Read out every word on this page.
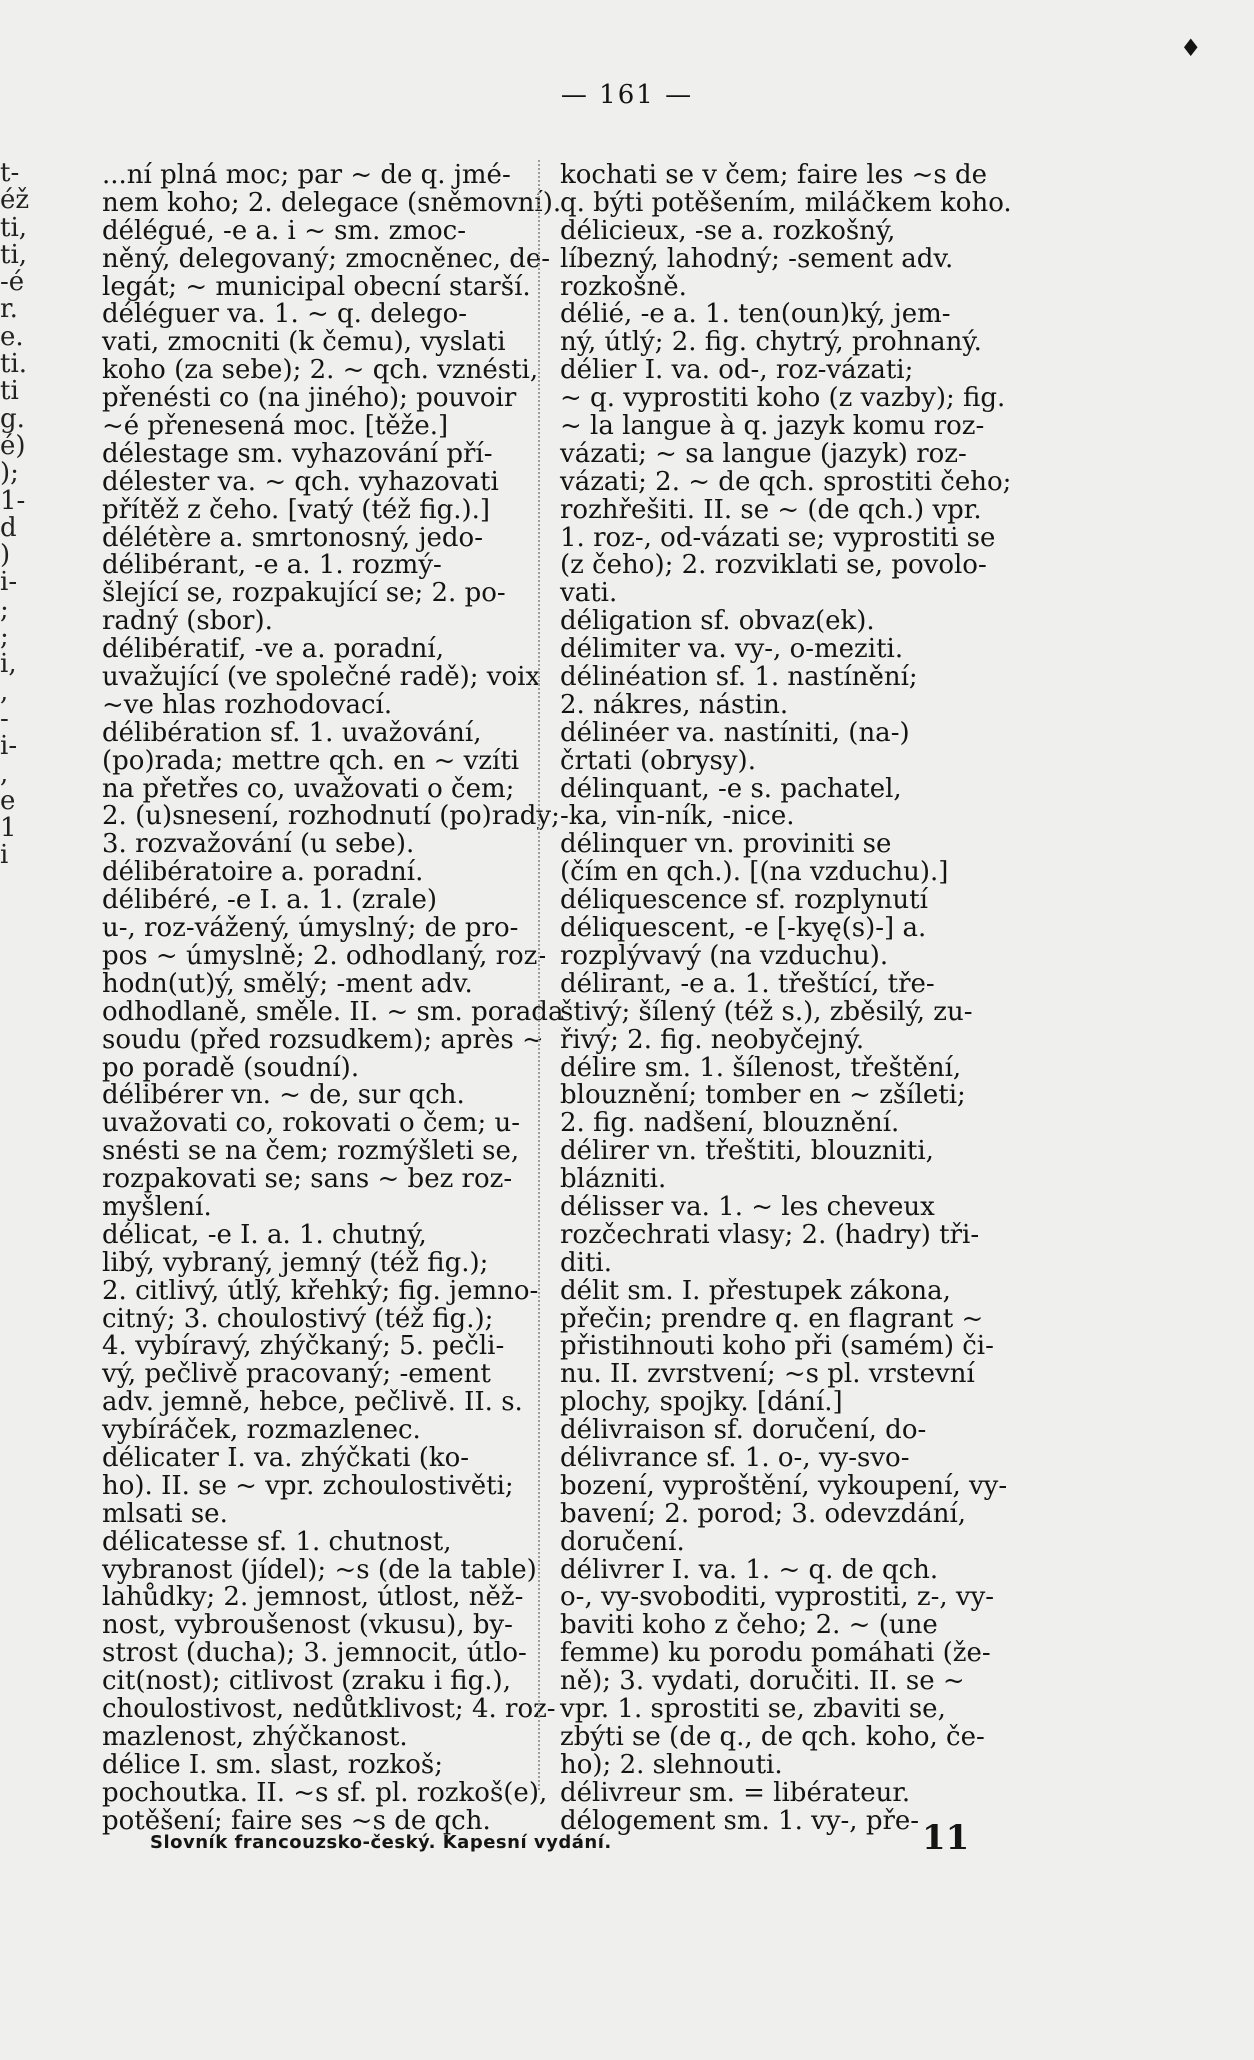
t-
éž
ti,
ti,
-é
r.
e.
ti.
ti
g.
é)
);
1-
d
)
i-
;
;
i,
,
-
i-
,
e
1
i
♦
— 161 —
...ní plná moc; par ~ de q. jmé-
nem koho; 2. delegace (sněmovní).
délégué, -e a. i ~ sm. zmoc-
něný, delegovaný; zmocněnec, de-
legát; ~ municipal obecní starší.
déléguer va. 1. ~ q. delego-
vati, zmocniti (k čemu), vyslati
koho (za sebe); 2. ~ qch. vznésti,
přenésti co (na jiného); pouvoir
~é přenesená moc. [těže.]
délestage sm. vyhazování pří-
délester va. ~ qch. vyhazovati
přítěž z čeho. [vatý (též fig.).]
délétère a. smrtonosný, jedo-
délibérant, -e a. 1. rozmý-
šlející se, rozpakující se; 2. po-
radný (sbor).
délibératif, -ve a. poradní,
uvažující (ve společné radě); voix
~ve hlas rozhodovací.
délibération sf. 1. uvažování,
(po)rada; mettre qch. en ~ vzíti
na přetřes co, uvažovati o čem;
2. (u)snesení, rozhodnutí (po)rady;
3. rozvažování (u sebe).
délibératoire a. poradní.
délibéré, -e I. a. 1. (zrale)
u-, roz-vážený, úmyslný; de pro-
pos ~ úmyslně; 2. odhodlaný, roz-
hodn(ut)ý, smělý; -ment adv.
odhodlaně, směle. II. ~ sm. porada
soudu (před rozsudkem); après ~
po poradě (soudní).
délibérer vn. ~ de, sur qch.
uvažovati co, rokovati o čem; u-
snésti se na čem; rozmýšleti se,
rozpakovati se; sans ~ bez roz-
myšlení.
délicat, -e I. a. 1. chutný,
libý, vybraný, jemný (též fig.);
2. citlivý, útlý, křehký; fig. jemno-
citný; 3. choulostivý (též fig.);
4. vybíravý, zhýčkaný; 5. pečli-
vý, pečlivě pracovaný; -ement
adv. jemně, hebce, pečlivě. II. s.
vybíráček, rozmazlenec.
délicater I. va. zhýčkati (ko-
ho). II. se ~ vpr. zchoulostivěti;
mlsati se.
délicatesse sf. 1. chutnost,
vybranost (jídel); ~s (de la table)
lahůdky; 2. jemnost, útlost, něž-
nost, vybroušenost (vkusu), by-
strost (ducha); 3. jemnocit, útlo-
cit(nost); citlivost (zraku i fig.),
choulostivost, nedůtklivost; 4. roz-
mazlenost, zhýčkanost.
délice I. sm. slast, rozkoš;
pochoutka. II. ~s sf. pl. rozkoš(e),
potěšení; faire ses ~s de qch.
kochati se v čem; faire les ~s de
q. býti potěšením, miláčkem koho.
délicieux, -se a. rozkošný,
líbezný, lahodný; -sement adv.
rozkošně.
délié, -e a. 1. ten(oun)ký, jem-
ný, útlý; 2. fig. chytrý, prohnaný.
délier I. va. od-, roz-vázati;
~ q. vyprostiti koho (z vazby); fig.
~ la langue à q. jazyk komu roz-
vázati; ~ sa langue (jazyk) roz-
vázati; 2. ~ de qch. sprostiti čeho;
rozhřešiti. II. se ~ (de qch.) vpr.
1. roz-, od-vázati se; vyprostiti se
(z čeho); 2. rozviklati se, povolo-
vati.
déligation sf. obvaz(ek).
délimiter va. vy-, o-meziti.
délinéation sf. 1. nastínění;
2. nákres, nástin.
délinéer va. nastíniti, (na-)
črtati (obrysy).
délinquant, -e s. pachatel,
-ka, vin-ník, -nice.
délinquer vn. proviniti se
(čím en qch.). [(na vzduchu).]
déliquescence sf. rozplynutí
déliquescent, -e [-kyę(s)-] a.
rozplývavý (na vzduchu).
délirant, -e a. 1. třeštící, tře-
štivý; šílený (též s.), zběsilý, zu-
řivý; 2. fig. neobyčejný.
délire sm. 1. šílenost, třeštění,
blouznění; tomber en ~ zšíleti;
2. fig. nadšení, blouznění.
délirer vn. třeštiti, blouzniti,
blázniti.
délisser va. 1. ~ les cheveux
rozčechrati vlasy; 2. (hadry) tři-
diti.
délit sm. I. přestupek zákona,
přečin; prendre q. en flagrant ~
přistihnouti koho při (samém) či-
nu. II. zvrstvení; ~s pl. vrstevní
plochy, spojky. [dání.]
délivraison sf. doručení, do-
délivrance sf. 1. o-, vy-svo-
bození, vyproštění, vykoupení, vy-
bavení; 2. porod; 3. odevzdání,
doručení.
délivrer I. va. 1. ~ q. de qch.
o-, vy-svoboditi, vyprostiti, z-, vy-
baviti koho z čeho; 2. ~ (une
femme) ku porodu pomáhati (že-
ně); 3. vydati, doručiti. II. se ~
vpr. 1. sprostiti se, zbaviti se,
zbýti se (de q., de qch. koho, če-
ho); 2. slehnouti.
délivreur sm. = libérateur.
délogement sm. 1. vy-, pře-
Slovník francouzsko-český. Kapesní vydání.	11
